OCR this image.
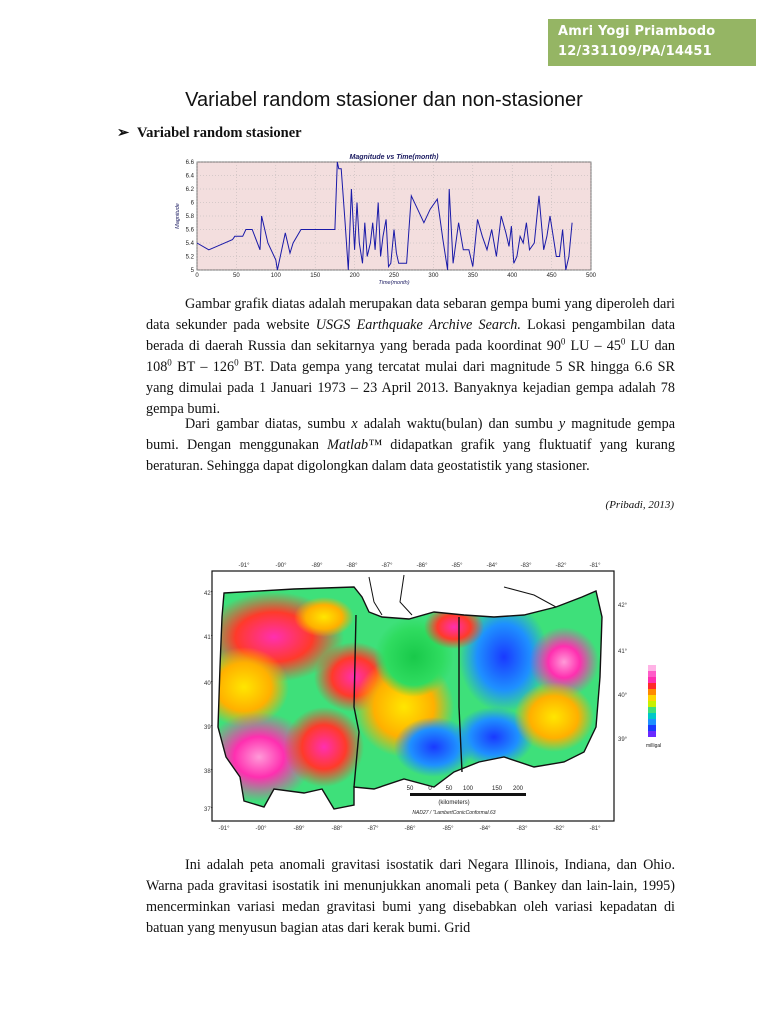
Amri Yogi Priambodo
12/331109/PA/14451
Variabel random stasioner dan non-stasioner
➢ Variabel random stasioner
0	50	100	150	200	250	300	350	400	450	500
5
5.2
5.4
5.6
5.8
6
6.2
6.4
6.6
Magnitude vs Time(month)
Time(month)
Magnitude

Gambar grafik diatas adalah merupakan data sebaran gempa bumi yang diperoleh dari data sekunder pada website USGS Earthquake Archive Search. Lokasi pengambilan data berada di daerah Russia dan sekitarnya yang berada pada koordinat $90^0$ LU – $45^0$ LU dan $108^0$ BT – $126^0$ BT. Data gempa yang tercatat mulai dari magnitude 5 SR hingga 6.6 SR yang dimulai pada 1 Januari 1973 – 23 April 2013. Banyaknya kejadian gempa adalah 78 gempa bumi.

Dari gambar diatas, sumbu x adalah waktu(bulan) dan sumbu y magnitude gempa bumi. Dengan menggunakan Matlab™ didapatkan grafik yang fluktuatif yang kurang beraturan. Sehingga dapat digolongkan dalam data geostatistik yang stasioner.

(Pribadi, 2013)
-91°	-90°	-89°	-88°	-87°	-86°	-85°	-84°	-83°	-82°	-81°
-91°	-90°	-89°	-88°	-87°	-86°	-85°	-84°	-83°	-82°	-81°
42°
41°
40°
39°
38°
37°
42°
41°
40°
39°
milligal
50 0 50 100	150 200
(kilometers)
NAD27 / "LambertConicConformal.63

Ini adalah peta anomali gravitasi isostatik dari Negara Illinois, Indiana, dan Ohio. Warna pada gravitasi isostatik ini menunjukkan anomali peta ( Bankey dan lain-lain, 1995) mencerminkan variasi medan gravitasi bumi yang disebabkan oleh variasi kepadatan di batuan yang menyusun bagian atas dari kerak bumi. Grid
